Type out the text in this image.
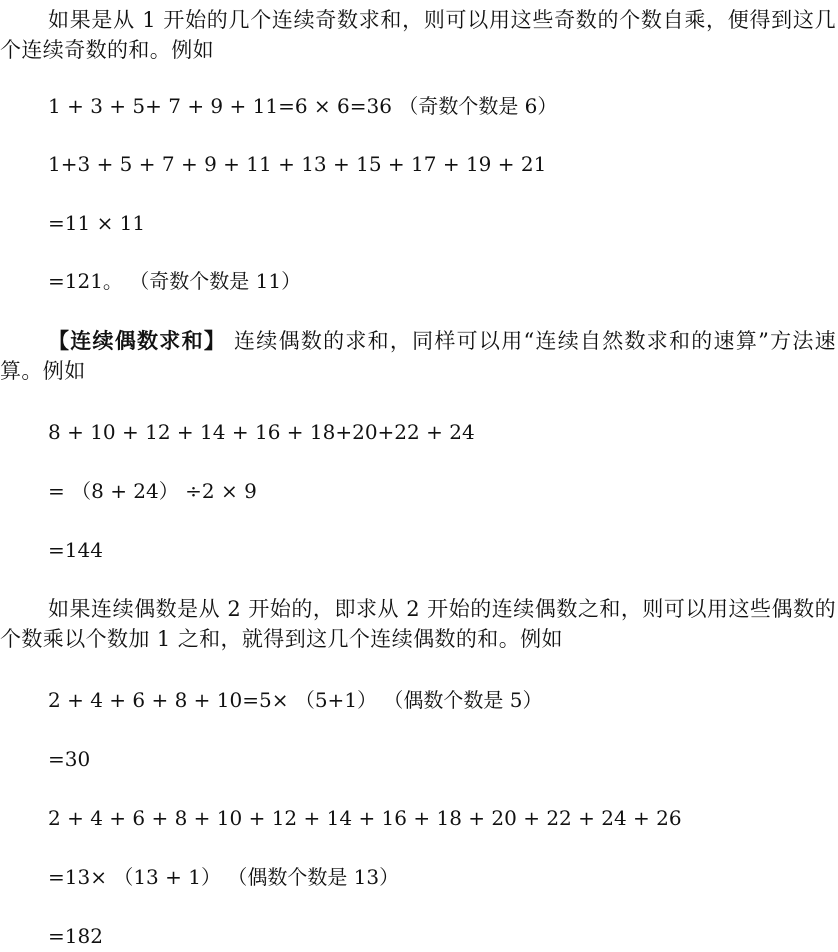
如果是从 1 开始的几个连续奇数求和，则可以用这些奇数的个数自乘，便得到这几个连续奇数的和。例如
1 + 3 + 5+ 7 + 9 + 11=6 × 6=36 （奇数个数是 6）
1+3 + 5 + 7 + 9 + 11 + 13 + 15 + 17 + 19 + 21
=11 × 11
=121。 （奇数个数是 11）
【连续偶数求和】 连续偶数的求和，同样可以用“连续自然数求和的速算”方法速算。例如
8 + 10 + 12 + 14 + 16 + 18+20+22 + 24
= （8 + 24） ÷2 × 9
=144
如果连续偶数是从 2 开始的，即求从 2 开始的连续偶数之和，则可以用这些偶数的个数乘以个数加 1 之和，就得到这几个连续偶数的和。例如
2 + 4 + 6 + 8 + 10=5× （5+1） （偶数个数是 5）
=30
2 + 4 + 6 + 8 + 10 + 12 + 14 + 16 + 18 + 20 + 22 + 24 + 26
=13× （13 + 1） （偶数个数是 13）
=182
